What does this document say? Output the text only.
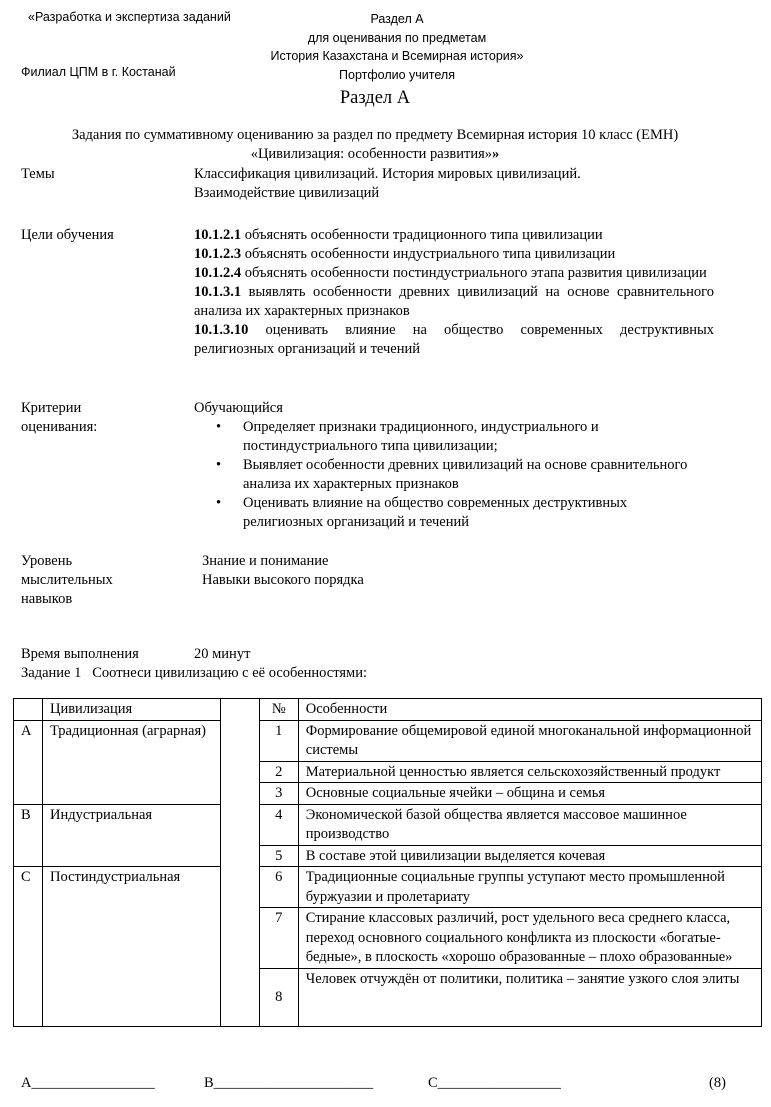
«Разработка и экспертиза заданий	Раздел А
для оценивания по предметам
История Казахстана и Всемирная история»
Портфолио учителя
Филиал ЦПМ в г. Костанай
Раздел А
Задания по суммативному оцениванию за раздел по предмету Всемирная история 10 класс (ЕМН)
«Цивилизация: особенности развития»»
Темы	Классификация цивилизаций. История мировых цивилизаций.
Взаимодействие цивилизаций
Цели обучения	10.1.2.1 объяснять особенности традиционного типа цивилизации
10.1.2.3 объяснять особенности индустриального типа цивилизации
10.1.2.4 объяснять особенности постиндустриального этапа развития цивилизации
10.1.3.1 выявлять особенности древних цивилизаций на основе сравнительного анализа их характерных признаков
10.1.3.10 оценивать влияние на общество современных деструктивных религиозных организаций и течений
Критерии
оценивания:
Обучающийся
• Определяет признаки традиционного, индустриального и постиндустриального типа цивилизации;
• Выявляет особенности древних цивилизаций на основе сравнительного анализа их характерных признаков
• Оценивать влияние на общество современных деструктивных религиозных организаций и течений
Уровень
мыслительных
навыков
Знание и понимание
Навыки высокого порядка
Время выполнения	20 минут
Задание 1   Соотнеси цивилизацию с её особенностями:
	Цивилизация		№	Особенности
A	Традиционная (аграрная)		1	Формирование общемировой единой многоканальной информационной системы
			2	Материальной ценностью является сельскохозяйственный продукт
			3	Основные социальные ячейки – община и семья
B	Индустриальная		4	Экономической базой общества является массовое машинное производство
			5	В составе этой цивилизации выделяется кочевая
C	Постиндустриальная		6	Традиционные социальные группы уступают место промышленной буржуазии и пролетариату
			7	Стирание классовых различий, рост удельного веса среднего класса, переход основного социального конфликта из плоскости «богатые-бедные», в плоскость «хорошо образованные – плохо образованные»
			8	Человек отчуждён от политики, политика – занятие узкого слоя элиты
A_________________	B______________________	C_________________	(8)
